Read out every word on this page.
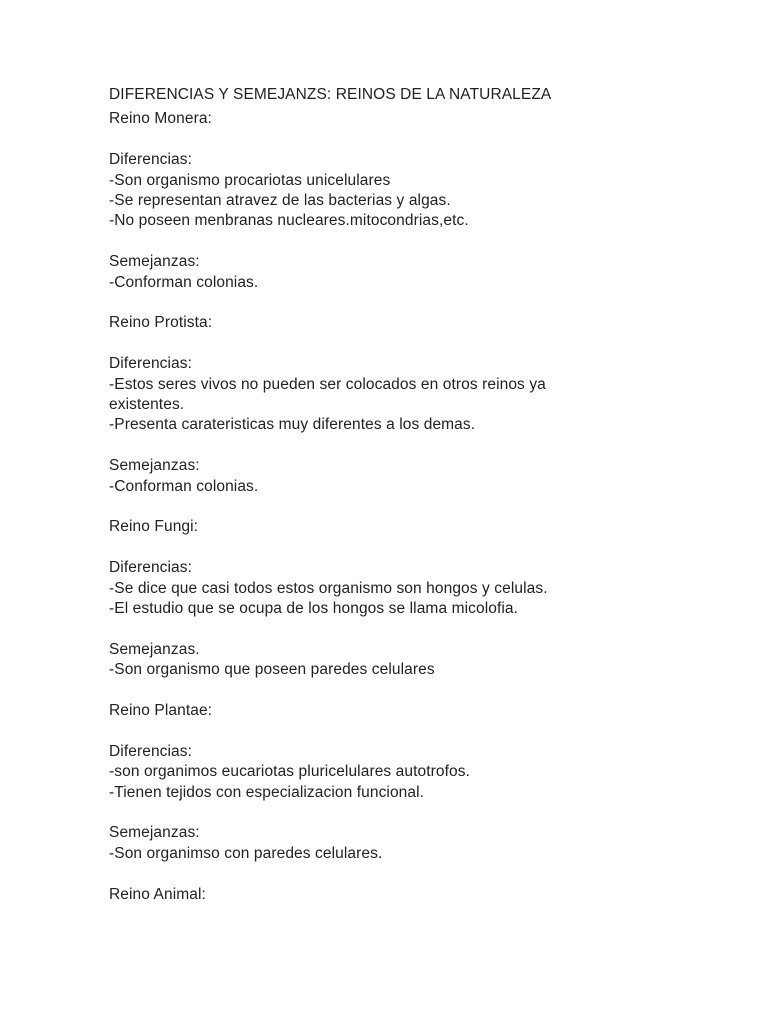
DIFERENCIAS Y SEMEJANZS: REINOS DE LA NATURALEZA
Reino Monera:
Diferencias:
-Son organismo procariotas unicelulares
-Se representan atravez de las bacterias y algas.
-No poseen menbranas nucleares.mitocondrias,etc.
Semejanzas:
-Conforman colonias.
Reino Protista:
Diferencias:
-Estos seres vivos no pueden ser colocados en otros reinos ya
existentes.
-Presenta carateristicas muy diferentes a los demas.
Semejanzas:
-Conforman colonias.
Reino Fungi:
Diferencias:
-Se dice que casi todos estos organismo son hongos y celulas.
-El estudio que se ocupa de los hongos se llama micolofia.
Semejanzas.
-Son organismo que poseen paredes celulares
Reino Plantae:
Diferencias:
-son organimos eucariotas pluricelulares autotrofos.
-Tienen tejidos con especializacion funcional.
Semejanzas:
-Son organimso con paredes celulares.
Reino Animal:
